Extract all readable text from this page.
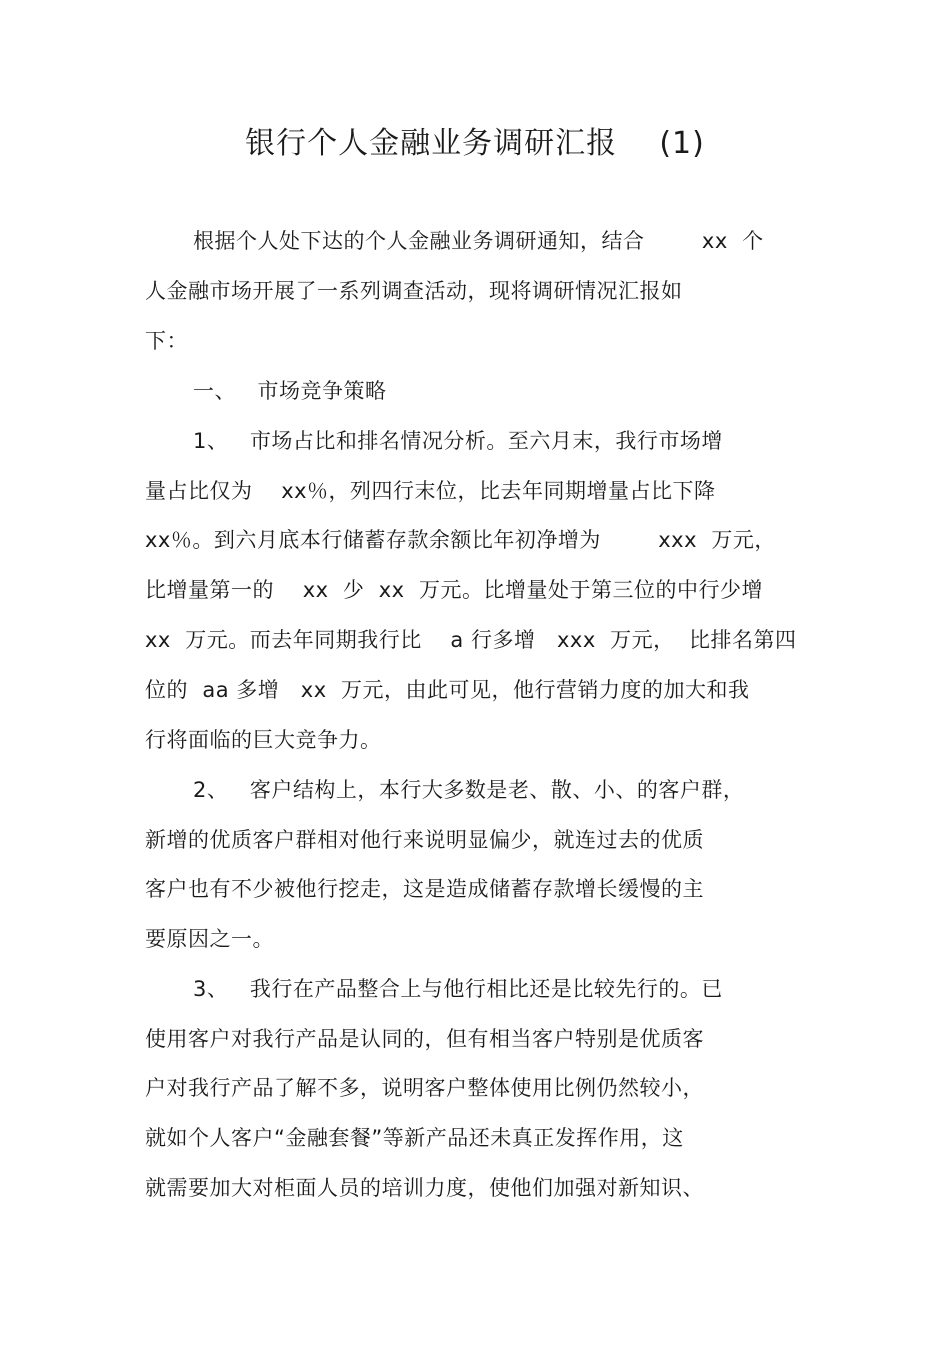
银行个人金融业务调研汇报    (1)
根据个人处下达的个人金融业务调研通知，结合        xx  个
人金融市场开展了一系列调查活动，现将调研情况汇报如
下：
一、   市场竞争策略
1、   市场占比和排名情况分析。至六月末，我行市场增
量占比仅为    xx％，列四行末位，比去年同期增量占比下降
xx％。到六月底本行储蓄存款余额比年初净增为        xxx  万元，
比增量第一的    xx  少  xx  万元。比增量处于第三位的中行少增
xx  万元。而去年同期我行比    a 行多增   xxx  万元，  比排名第四
位的  aa 多增   xx  万元，由此可见，他行营销力度的加大和我
行将面临的巨大竞争力。
2、   客户结构上，本行大多数是老、散、小、的客户群，
新增的优质客户群相对他行来说明显偏少，就连过去的优质
客户也有不少被他行挖走，这是造成储蓄存款增长缓慢的主
要原因之一。
3、   我行在产品整合上与他行相比还是比较先行的。已
使用客户对我行产品是认同的，但有相当客户特别是优质客
户对我行产品了解不多，说明客户整体使用比例仍然较小，
就如个人客户“金融套餐”等新产品还未真正发挥作用，这
就需要加大对柜面人员的培训力度，使他们加强对新知识、
